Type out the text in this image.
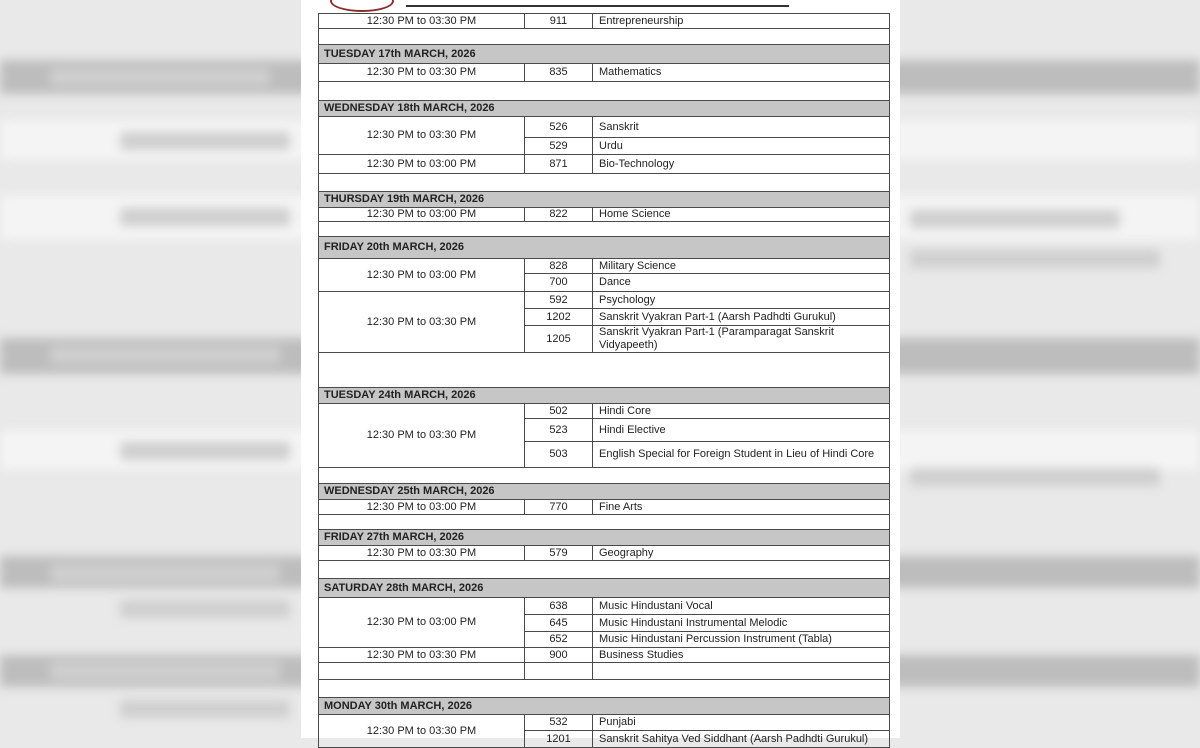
12:30 PM to 03:30 PM	911	Entrepreneurship

TUESDAY 17th MARCH, 2026		
12:30 PM to 03:30 PM	835	Mathematics

WEDNESDAY 18th MARCH, 2026		
12:30 PM to 03:30 PM	526	Sanskrit
	529	Urdu
12:30 PM to 03:00 PM	871	Bio-Technology

THURSDAY 19th MARCH, 2026		
12:30 PM to 03:00 PM	822	Home Science

FRIDAY 20th MARCH, 2026		
12:30 PM to 03:00 PM	828	Military Science
	700	Dance
12:30 PM to 03:30 PM	592	Psychology
	1202	Sanskrit Vyakran Part-1 (Aarsh Padhdti Gurukul)
	1205	Sanskrit Vyakran Part-1 (Paramparagat Sanskrit Vidyapeeth)

TUESDAY 24th MARCH, 2026		
12:30 PM to 03:30 PM	502	Hindi Core
	523	Hindi Elective
	503	English Special for Foreign Student in Lieu of Hindi Core

WEDNESDAY 25th MARCH, 2026		
12:30 PM to 03:00 PM	770	Fine Arts

FRIDAY 27th MARCH, 2026		
12:30 PM to 03:30 PM	579	Geography

SATURDAY 28th MARCH, 2026		
12:30 PM to 03:00 PM	638	Music Hindustani Vocal
	645	Music Hindustani Instrumental Melodic
	652	Music Hindustani Percussion Instrument (Tabla)
12:30 PM to 03:30 PM	900	Business Studies

MONDAY 30th MARCH, 2026		
12:30 PM to 03:30 PM	532	Punjabi
	1201	Sanskrit Sahitya Ved Siddhant (Aarsh Padhdti Gurukul)
